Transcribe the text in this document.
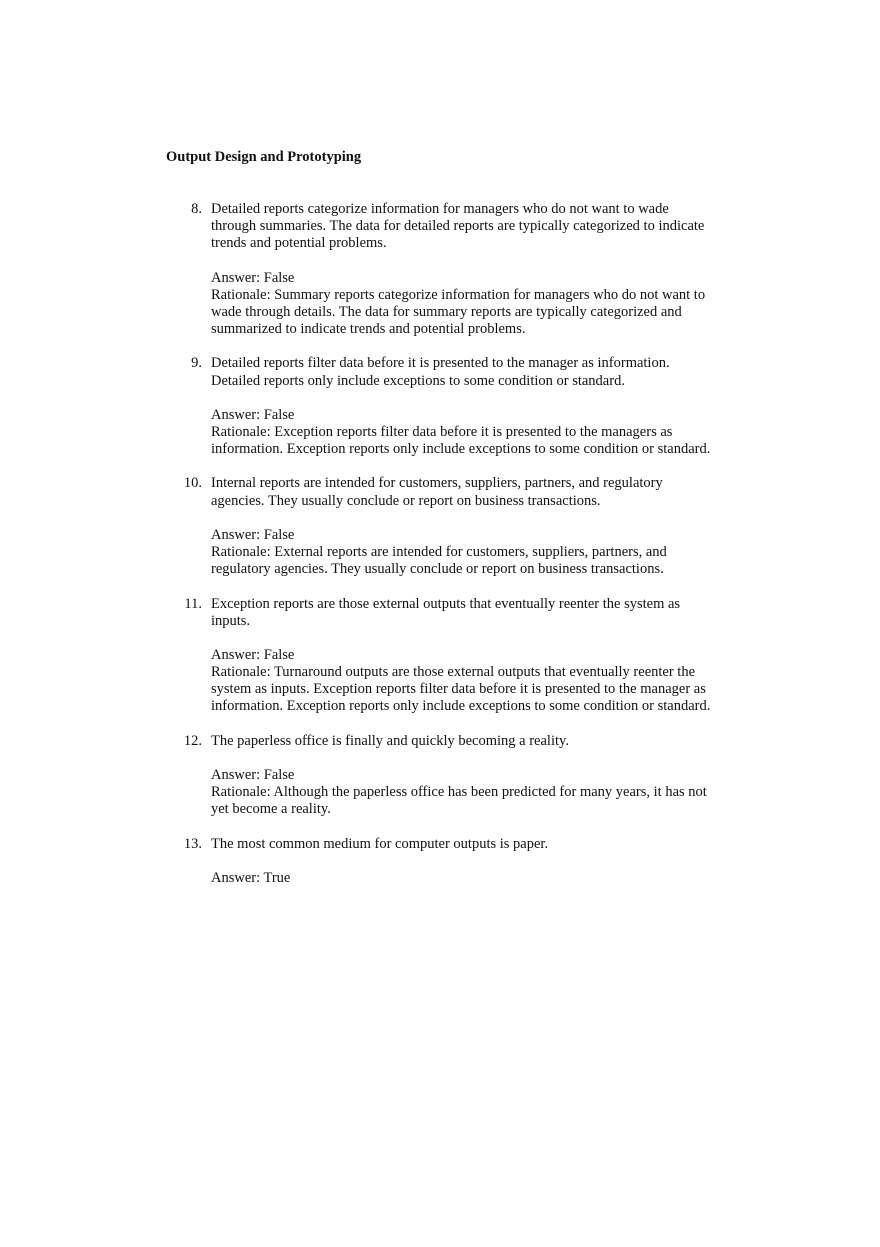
Output Design and Prototyping
8. Detailed reports categorize information for managers who do not want to wade
through summaries. The data for detailed reports are typically categorized to indicate
trends and potential problems.
Answer: False
Rationale: Summary reports categorize information for managers who do not want to
wade through details. The data for summary reports are typically categorized and
summarized to indicate trends and potential problems.
9. Detailed reports filter data before it is presented to the manager as information.
Detailed reports only include exceptions to some condition or standard.
Answer: False
Rationale: Exception reports filter data before it is presented to the managers as
information. Exception reports only include exceptions to some condition or standard.
10. Internal reports are intended for customers, suppliers, partners, and regulatory
agencies. They usually conclude or report on business transactions.
Answer: False
Rationale: External reports are intended for customers, suppliers, partners, and
regulatory agencies. They usually conclude or report on business transactions.
11. Exception reports are those external outputs that eventually reenter the system as
inputs.
Answer: False
Rationale: Turnaround outputs are those external outputs that eventually reenter the
system as inputs. Exception reports filter data before it is presented to the manager as
information. Exception reports only include exceptions to some condition or standard.
12. The paperless office is finally and quickly becoming a reality.
Answer: False
Rationale: Although the paperless office has been predicted for many years, it has not
yet become a reality.
13. The most common medium for computer outputs is paper.
Answer: True
